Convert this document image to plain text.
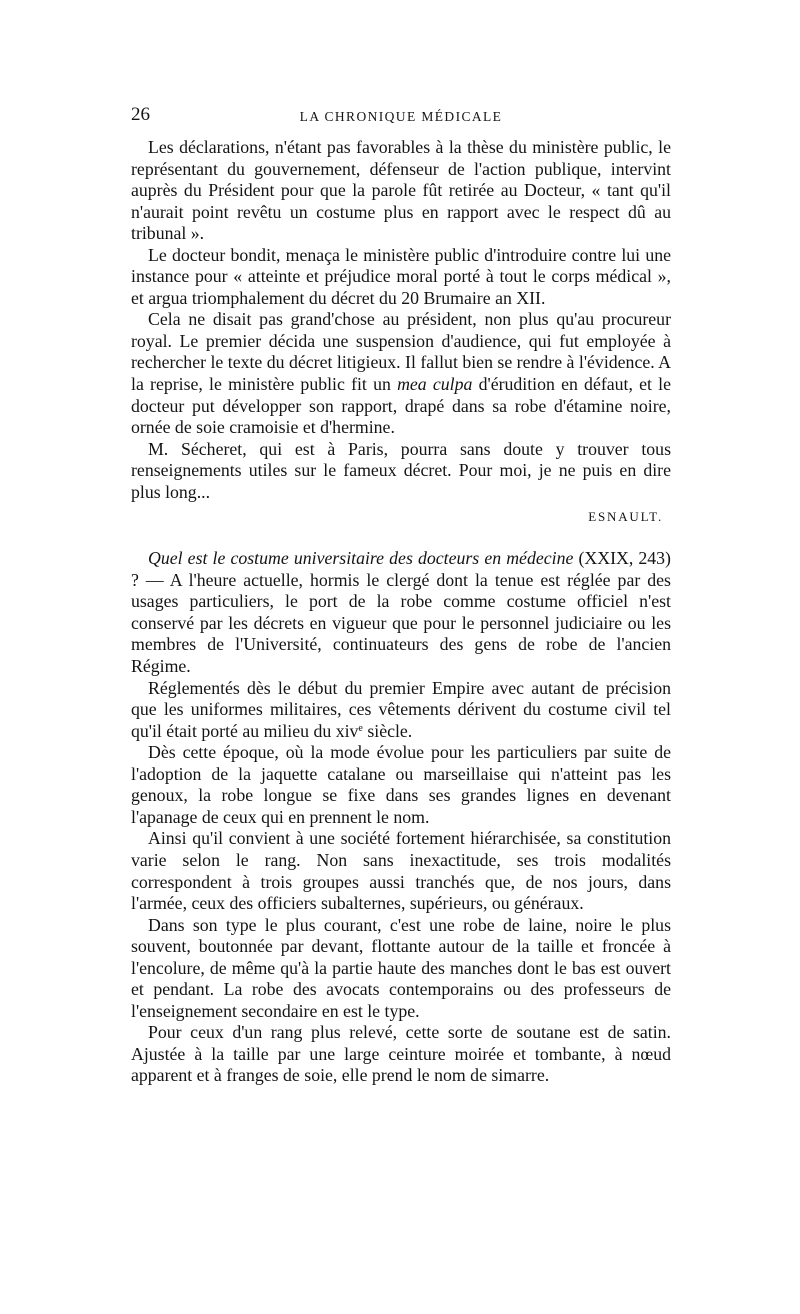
26	LA CHRONIQUE MÉDICALE

Les déclarations, n'étant pas favorables à la thèse du ministère public, le représentant du gouvernement, défenseur de l'action publique, intervint auprès du Président pour que la parole fût retirée au Docteur, « tant qu'il n'aurait point revêtu un costume plus en rapport avec le respect dû au tribunal ».

Le docteur bondit, menaça le ministère public d'introduire contre lui une instance pour « atteinte et préjudice moral porté à tout le corps médical », et argua triomphalement du décret du 20 Brumaire an XII.

Cela ne disait pas grand'chose au président, non plus qu'au procureur royal. Le premier décida une suspension d'audience, qui fut employée à rechercher le texte du décret litigieux. Il fallut bien se rendre à l'évidence. A la reprise, le ministère public fit un mea culpa d'érudition en défaut, et le docteur put développer son rapport, drapé dans sa robe d'étamine noire, ornée de soie cramoisie et d'hermine.

M. Sécheret, qui est à Paris, pourra sans doute y trouver tous renseignements utiles sur le fameux décret. Pour moi, je ne puis en dire plus long...

ESNAULT.

Quel est le costume universitaire des docteurs en médecine (XXIX, 243) ? — A l'heure actuelle, hormis le clergé dont la tenue est réglée par des usages particuliers, le port de la robe comme costume officiel n'est conservé par les décrets en vigueur que pour le personnel judiciaire ou les membres de l'Université, continuateurs des gens de robe de l'ancien Régime.

Réglementés dès le début du premier Empire avec autant de précision que les uniformes militaires, ces vêtements dérivent du costume civil tel qu'il était porté au milieu du xiv$^e$ siècle.

Dès cette époque, où la mode évolue pour les particuliers par suite de l'adoption de la jaquette catalane ou marseillaise qui n'atteint pas les genoux, la robe longue se fixe dans ses grandes lignes en devenant l'apanage de ceux qui en prennent le nom.

Ainsi qu'il convient à une société fortement hiérarchisée, sa constitution varie selon le rang. Non sans inexactitude, ses trois modalités correspondent à trois groupes aussi tranchés que, de nos jours, dans l'armée, ceux des officiers subalternes, supérieurs, ou généraux.

Dans son type le plus courant, c'est une robe de laine, noire le plus souvent, boutonnée par devant, flottante autour de la taille et froncée à l'encolure, de même qu'à la partie haute des manches dont le bas est ouvert et pendant. La robe des avocats contemporains ou des professeurs de l'enseignement secondaire en est le type.

Pour ceux d'un rang plus relevé, cette sorte de soutane est de satin. Ajustée à la taille par une large ceinture moirée et tombante, à nœud apparent et à franges de soie, elle prend le nom de simarre.
